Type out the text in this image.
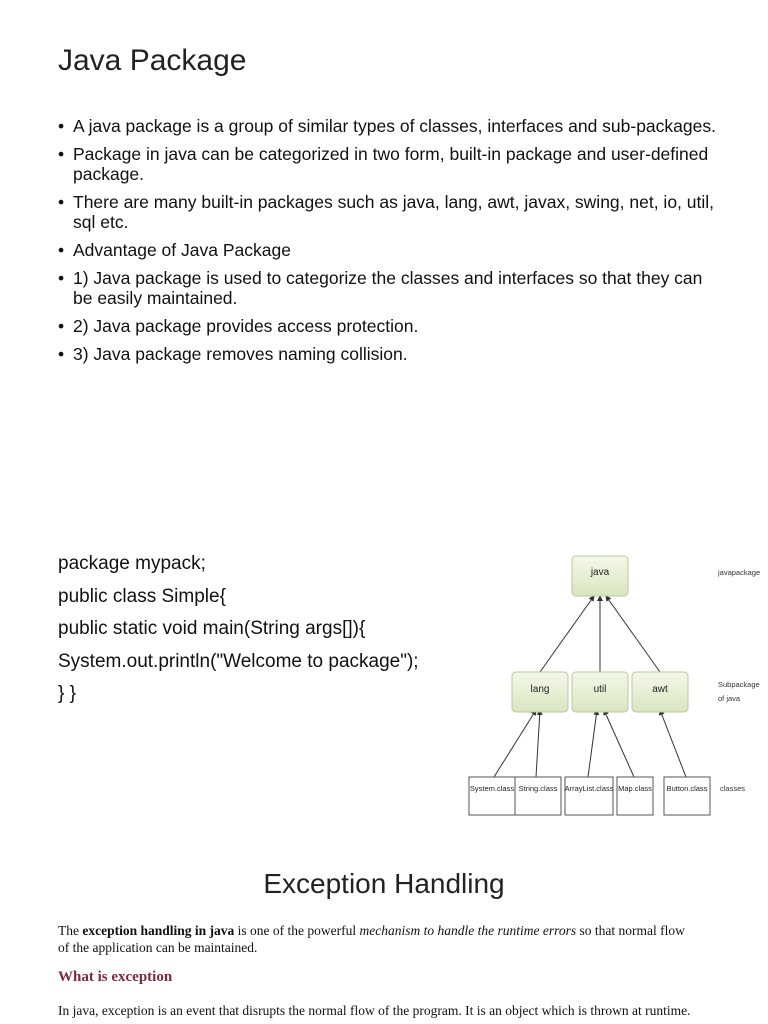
Java Package
• A java package is a group of similar types of classes, interfaces and sub-packages.
• Package in java can be categorized in two form, built-in package and user-defined package.
• There are many built-in packages such as java, lang, awt, javax, swing, net, io, util, sql etc.
• Advantage of Java Package
• 1) Java package is used to categorize the classes and interfaces so that they can be easily maintained.
• 2) Java package provides access protection.
• 3) Java package removes naming collision.
package mypack;
public class Simple{
public static void main(String args[]){
System.out.println("Welcome to package");
} }
java	javapackage
lang	util	awt	Subpackage
of java
System.class String.class ArrayList.class Map.class Button.class classes
Exception Handling

The exception handling in java is one of the powerful mechanism to handle the runtime errors so that normal flow of the application can be maintained.

What is exception

In java, exception is an event that disrupts the normal flow of the program. It is an object which is thrown at runtime.
